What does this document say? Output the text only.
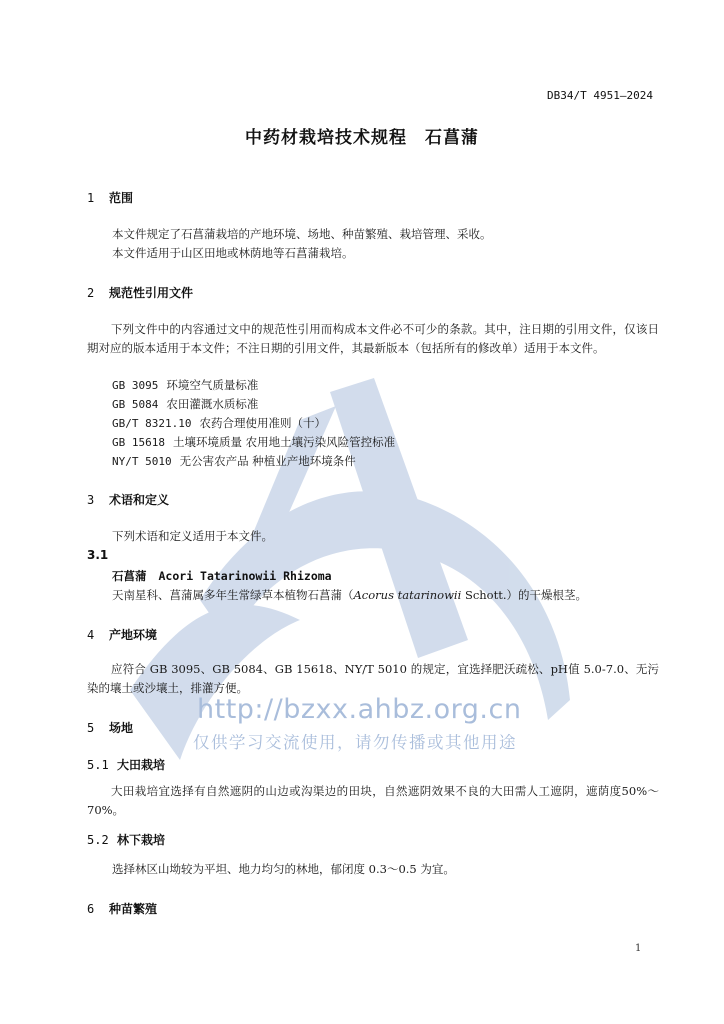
DB34/T 4951—2024
中药材栽培技术规程　石菖蒲
1 范围
本文件规定了石菖蒲栽培的产地环境、场地、种苗繁殖、栽培管理、采收。
本文件适用于山区田地或林荫地等石菖蒲栽培。
2 规范性引用文件
下列文件中的内容通过文中的规范性引用而构成本文件必不可少的条款。其中，注日期的引用文件，仅该日期对应的版本适用于本文件；不注日期的引用文件，其最新版本（包括所有的修改单）适用于本文件。
GB 3095 环境空气质量标准
GB 5084 农田灌溉水质标准
GB/T 8321.10 农药合理使用准则（十）
GB 15618 土壤环境质量 农用地土壤污染风险管控标准
NY/T 5010 无公害农产品 种植业产地环境条件
3 术语和定义
下列术语和定义适用于本文件。
3.1
石菖蒲 Acori Tatarinowii Rhizoma
天南星科、菖蒲属多年生常绿草本植物石菖蒲（Acorus tatarinowii Schott.）的干燥根茎。
4 产地环境
应符合 GB 3095、GB 5084、GB 15618、NY/T 5010 的规定，宜选择肥沃疏松、pH值 5.0-7.0、无污染的壤土或沙壤土，排灌方便。
http://bzxx.ahbz.org.cn
5 场地
仅供学习交流使用，请勿传播或其他用途
5.1 大田栽培
大田栽培宜选择有自然遮阴的山边或沟渠边的田块，自然遮阴效果不良的大田需人工遮阴，遮荫度50%～70%。
5.2 林下栽培
选择林区山坳较为平坦、地力均匀的林地，郁闭度 0.3～0.5 为宜。
6 种苗繁殖
1
